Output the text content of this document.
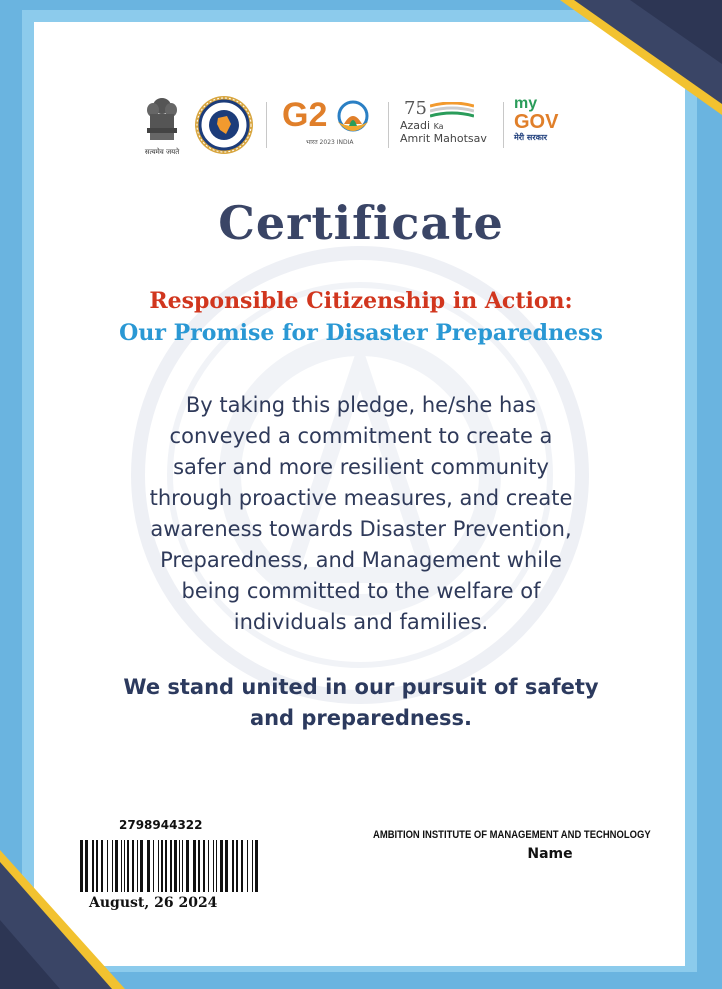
सत्यमेव जयते
G2
भारत 2023 INDIA
75
Azadi Ka
Amrit Mahotsav
my
GOV
मेरी सरकार
Certificate
Responsible Citizenship in Action:
Our Promise for Disaster Preparedness
By taking this pledge, he/she has
conveyed a commitment to create a
safer and more resilient community
through proactive measures, and create
awareness towards Disaster Prevention,
Preparedness, and Management while
being committed to the welfare of
individuals and families.
We stand united in our pursuit of safety
and preparedness.
2798944322
August, 26 2024
AMBITION INSTITUTE OF MANAGEMENT AND TECHNOLOGY
Name
